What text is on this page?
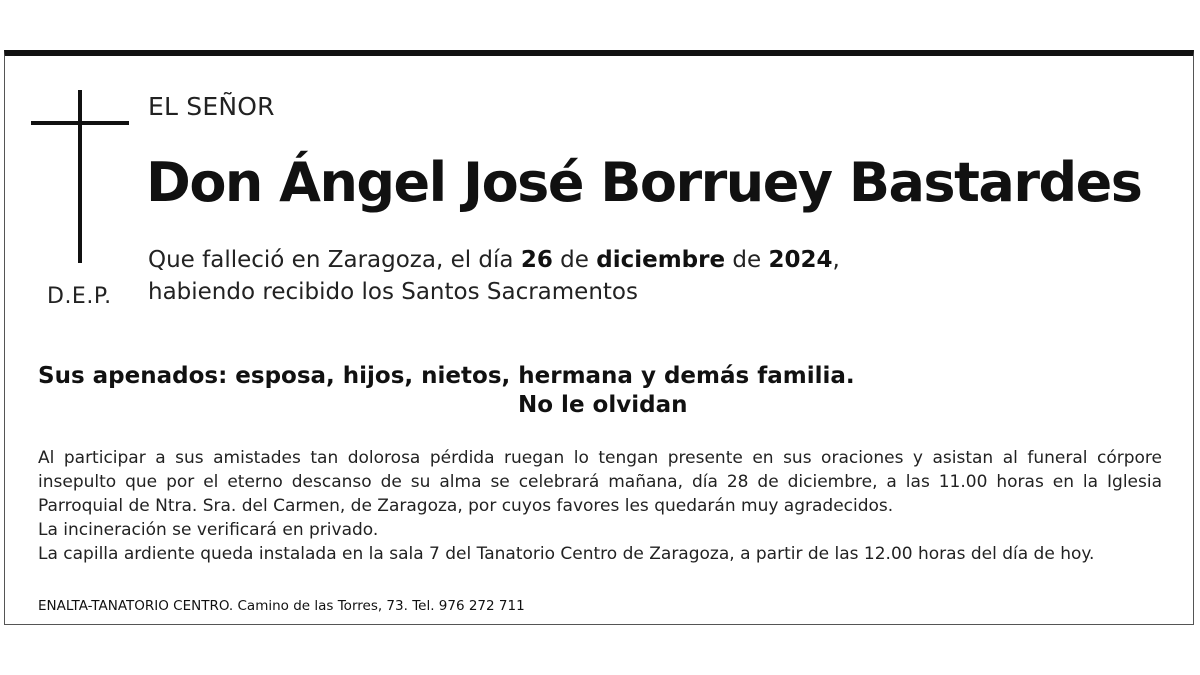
D.E.P.
EL SEÑOR
Don Ángel José Borruey Bastardes
Que falleció en Zaragoza, el día 26 de diciembre de 2024,
habiendo recibido los Santos Sacramentos
Sus apenados: esposa, hijos, nietos, hermana y demás familia.
No le olvidan

Al participar a sus amistades tan dolorosa pérdida ruegan lo tengan presente en sus oraciones y asistan al funeral córpore insepulto que por el eterno descanso de su alma se celebrará mañana, día 28 de diciembre, a las 11.00 horas en la Iglesia Parroquial de Ntra. Sra. del Carmen, de Zaragoza, por cuyos favores les quedarán muy agradecidos.

La incineración se verificará en privado.

La capilla ardiente queda instalada en la sala 7 del Tanatorio Centro de Zaragoza, a partir de las 12.00 horas del día de hoy.

ENALTA-TANATORIO CENTRO. Camino de las Torres, 73. Tel. 976 272 711
